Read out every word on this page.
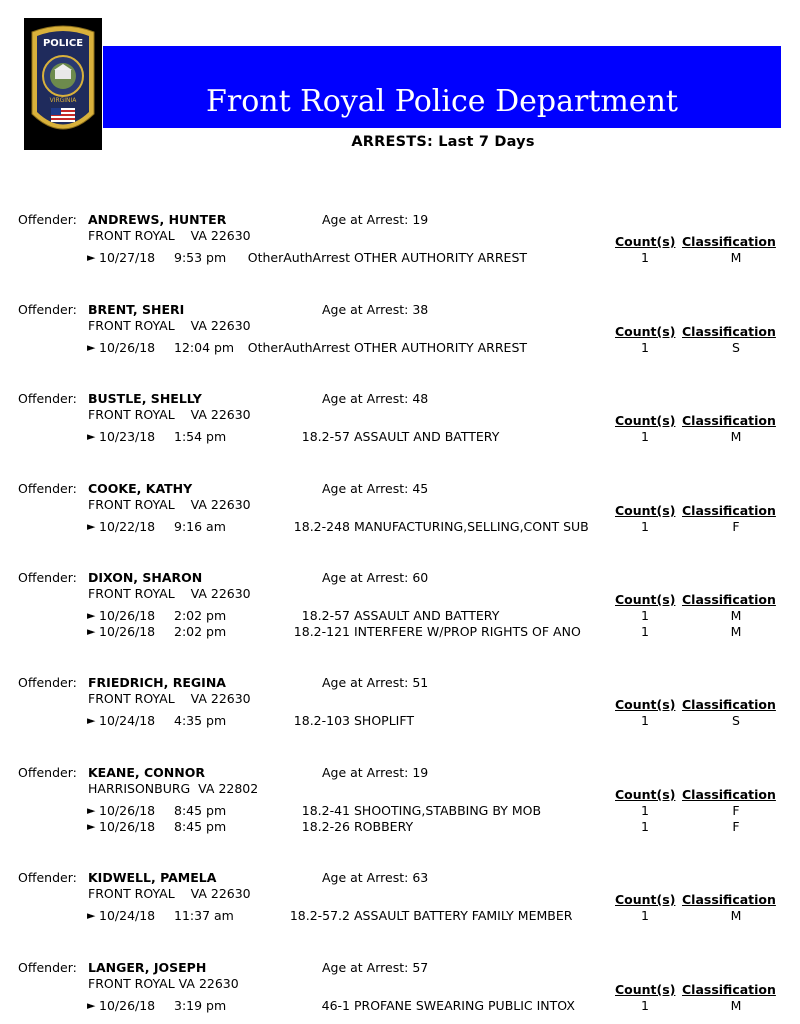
POLICE
VIRGINIA	Front Royal Police Department
ARRESTS: Last 7 Days
Offender: ANDREWS, HUNTER	Age at Arrest: 19
FRONT ROYAL    VA 22630	Count(s) Classification
► 10/27/18 9:53 pm OtherAuthArrest OTHER AUTHORITY ARREST	1	M
Offender: BRENT, SHERI	Age at Arrest: 38
FRONT ROYAL    VA 22630	Count(s) Classification
► 10/26/18 12:04 pm OtherAuthArrest OTHER AUTHORITY ARREST	1	S
Offender: BUSTLE, SHELLY	Age at Arrest: 48
FRONT ROYAL    VA 22630	Count(s) Classification
► 10/23/18 1:54 pm	18.2-57 ASSAULT AND BATTERY	1	M
Offender: COOKE, KATHY	Age at Arrest: 45
FRONT ROYAL    VA 22630	Count(s) Classification
► 10/22/18 9:16 am	18.2-248 MANUFACTURING,SELLING,CONT SUB	1	F
Offender: DIXON, SHARON	Age at Arrest: 60
FRONT ROYAL    VA 22630	Count(s) Classification
► 10/26/18 2:02 pm	18.2-57 ASSAULT AND BATTERY	1	M
► 10/26/18 2:02 pm	18.2-121 INTERFERE W/PROP RIGHTS OF ANO	1	M
Offender: FRIEDRICH, REGINA	Age at Arrest: 51
FRONT ROYAL    VA 22630	Count(s) Classification
► 10/24/18 4:35 pm	18.2-103 SHOPLIFT	1	S
Offender: KEANE, CONNOR	Age at Arrest: 19
HARRISONBURG  VA 22802	Count(s) Classification
► 10/26/18 8:45 pm	18.2-41 SHOOTING,STABBING BY MOB	1	F
► 10/26/18 8:45 pm	18.2-26 ROBBERY	1	F
Offender: KIDWELL, PAMELA	Age at Arrest: 63
FRONT ROYAL    VA 22630	Count(s) Classification
► 10/24/18 11:37 am	18.2-57.2 ASSAULT BATTERY FAMILY MEMBER	1	M
Offender: LANGER, JOSEPH	Age at Arrest: 57
FRONT ROYAL VA 22630	Count(s) Classification
► 10/26/18 3:19 pm	46-1 PROFANE SWEARING PUBLIC INTOX	1	M
